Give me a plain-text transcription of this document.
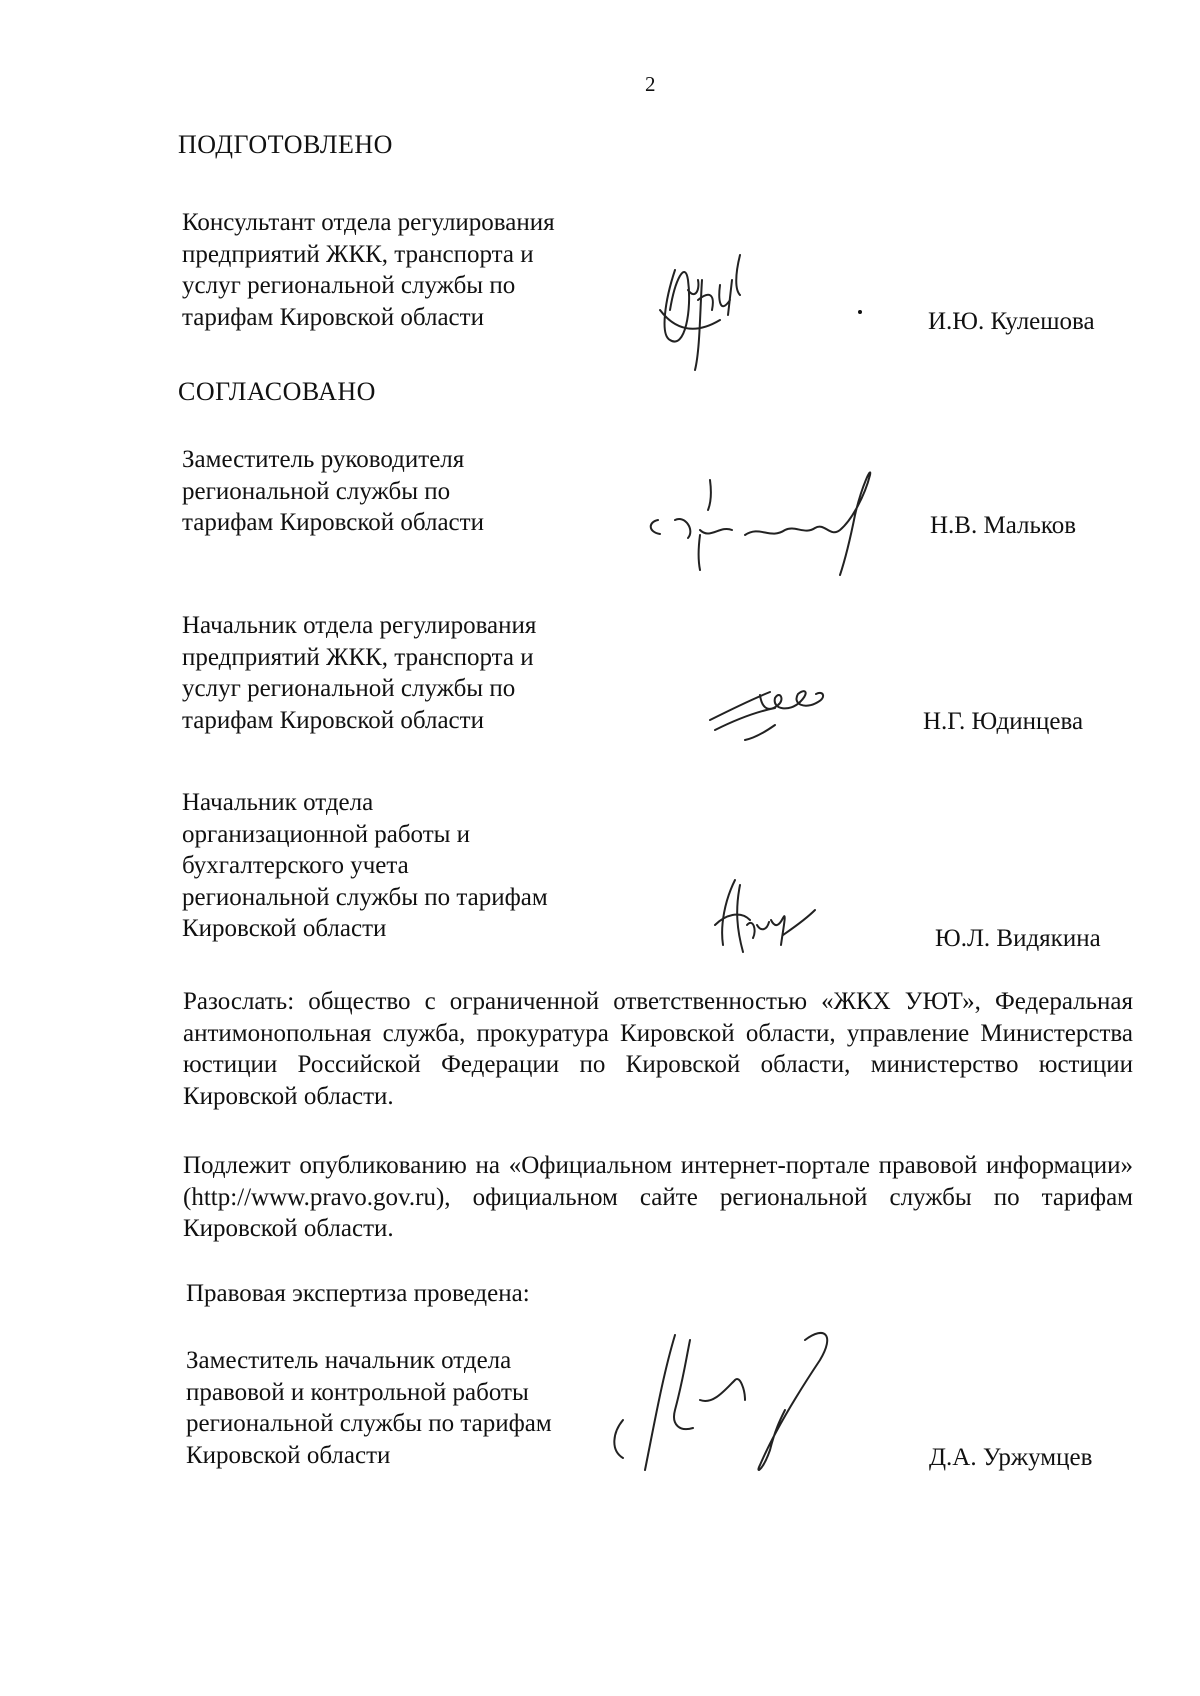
2
ПОДГОТОВЛЕНО
Консультант отдела регулирования
предприятий ЖКК, транспорта и
услуг региональной службы по
тарифам Кировской области	И.Ю. Кулешова
СОГЛАСОВАНО
Заместитель руководителя
региональной службы по
тарифам Кировской области	Н.В. Мальков
Начальник отдела регулирования
предприятий ЖКК, транспорта и
услуг региональной службы по
тарифам Кировской области	Н.Г. Юдинцева
Начальник отдела
организационной работы и
бухгалтерского учета
региональной службы по тарифам
Кировской области	Ю.Л. Видякина
Разослать: общество с ограниченной ответственностью «ЖКХ УЮТ», Федеральная антимонопольная служба, прокуратура Кировской области, управление Министерства юстиции Российской Федерации по Кировской области, министерство юстиции Кировской области.
Подлежит опубликованию на «Официальном интернет-портале правовой информации» (http://www.pravo.gov.ru), официальном сайте региональной службы по тарифам Кировской области.
Правовая экспертиза проведена:
Заместитель начальник отдела
правовой и контрольной работы
региональной службы по тарифам
Кировской области	Д.А. Уржумцев
